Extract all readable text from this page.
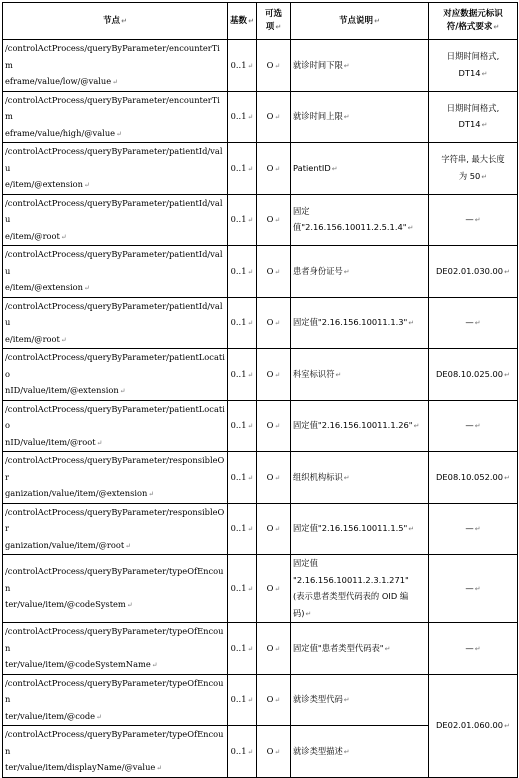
节点↵	基数↵	可选
项↵	节点说明↵	对应数据元标识
符/格式要求↵
/controlActProcess/queryByParameter/encounterTim
eframe/value/low/@value↵	0..1↵	O↵	就诊时间下限↵	日期时间格式,
DT14↵
/controlActProcess/queryByParameter/encounterTim
eframe/value/high/@value↵	0..1↵	O↵	就诊时间上限↵	日期时间格式,
DT14↵
/controlActProcess/queryByParameter/patientId/valu
e/item/@extension↵	0..1↵	O↵	PatientID↵	字符串, 最大长度
为 50↵
/controlActProcess/queryByParameter/patientId/valu
e/item/@root↵	0..1↵	O↵	固定值"2.16.156.10011.2.5.1.4"↵	—↵
/controlActProcess/queryByParameter/patientId/valu
e/item/@extension↵	0..1↵	O↵	患者身份证号↵	DE02.01.030.00↵
/controlActProcess/queryByParameter/patientId/valu
e/item/@root↵	0..1↵	O↵	固定值"2.16.156.10011.1.3"↵	—↵
/controlActProcess/queryByParameter/patientLocatio
nID/value/item/@extension↵	0..1↵	O↵	科室标识符↵	DE08.10.025.00↵
/controlActProcess/queryByParameter/patientLocatio
nID/value/item/@root↵	0..1↵	O↵	固定值"2.16.156.10011.1.26"↵	—↵
/controlActProcess/queryByParameter/responsibleOr
ganization/value/item/@extension↵	0..1↵	O↵	组织机构标识↵	DE08.10.052.00↵
/controlActProcess/queryByParameter/responsibleOr
ganization/value/item/@root↵	0..1↵	O↵	固定值"2.16.156.10011.1.5"↵	—↵
/controlActProcess/queryByParameter/typeOfEncoun
ter/value/item/@codeSystem↵	0..1↵	O↵	固定值
"2.16.156.10011.2.3.1.271"
(表示患者类型代码表的 OID 编码)↵	—↵
/controlActProcess/queryByParameter/typeOfEncoun
ter/value/item/@codeSystemName↵	0..1↵	O↵	固定值"患者类型代码表"↵	—↵
/controlActProcess/queryByParameter/typeOfEncoun
ter/value/item/@code↵	0..1↵	O↵	就诊类型代码↵	DE02.01.060.00↵
/controlActProcess/queryByParameter/typeOfEncoun
ter/value/item/displayName/@value↵	0..1↵	O↵	就诊类型描述↵	
